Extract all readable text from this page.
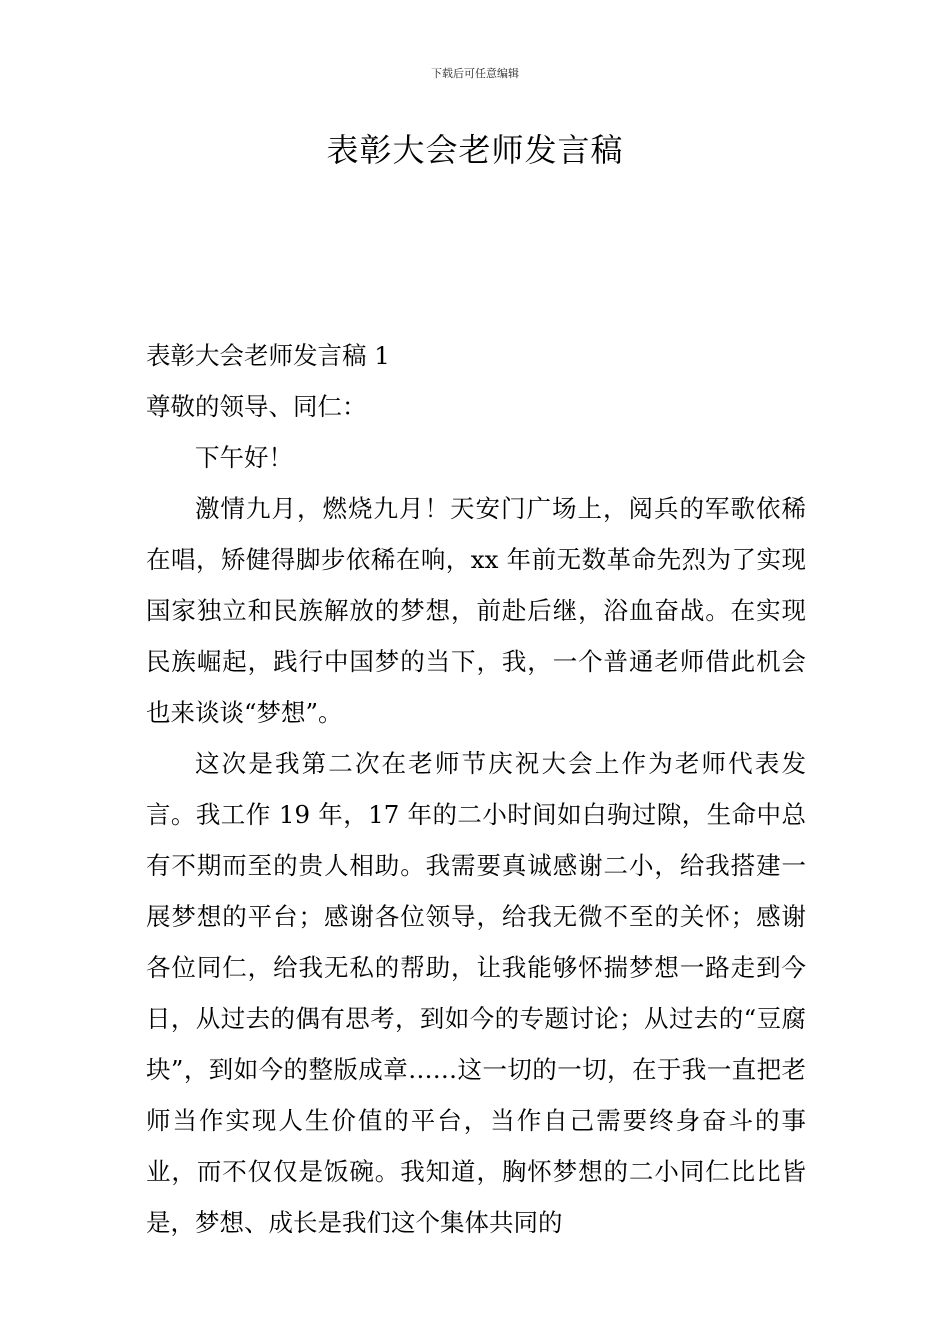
下载后可任意编辑
表彰大会老师发言稿

表彰大会老师发言稿 1

尊敬的领导、同仁：

下午好！

激情九月，燃烧九月！天安门广场上，阅兵的军歌依稀在唱，矫健得脚步依稀在响，xx 年前无数革命先烈为了实现国家独立和民族解放的梦想，前赴后继，浴血奋战。在实现民族崛起，践行中国梦的当下，我，一个普通老师借此机会也来谈谈“梦想”。

这次是我第二次在老师节庆祝大会上作为老师代表发言。我工作 19 年，17 年的二小时间如白驹过隙，生命中总有不期而至的贵人相助。我需要真诚感谢二小，给我搭建一展梦想的平台；感谢各位领导，给我无微不至的关怀；感谢各位同仁，给我无私的帮助，让我能够怀揣梦想一路走到今日，从过去的偶有思考，到如今的专题讨论；从过去的“豆腐块”，到如今的整版成章……这一切的一切，在于我一直把老师当作实现人生价值的平台，当作自己需要终身奋斗的事业，而不仅仅是饭碗。我知道，胸怀梦想的二小同仁比比皆是，梦想、成长是我们这个集体共同的
